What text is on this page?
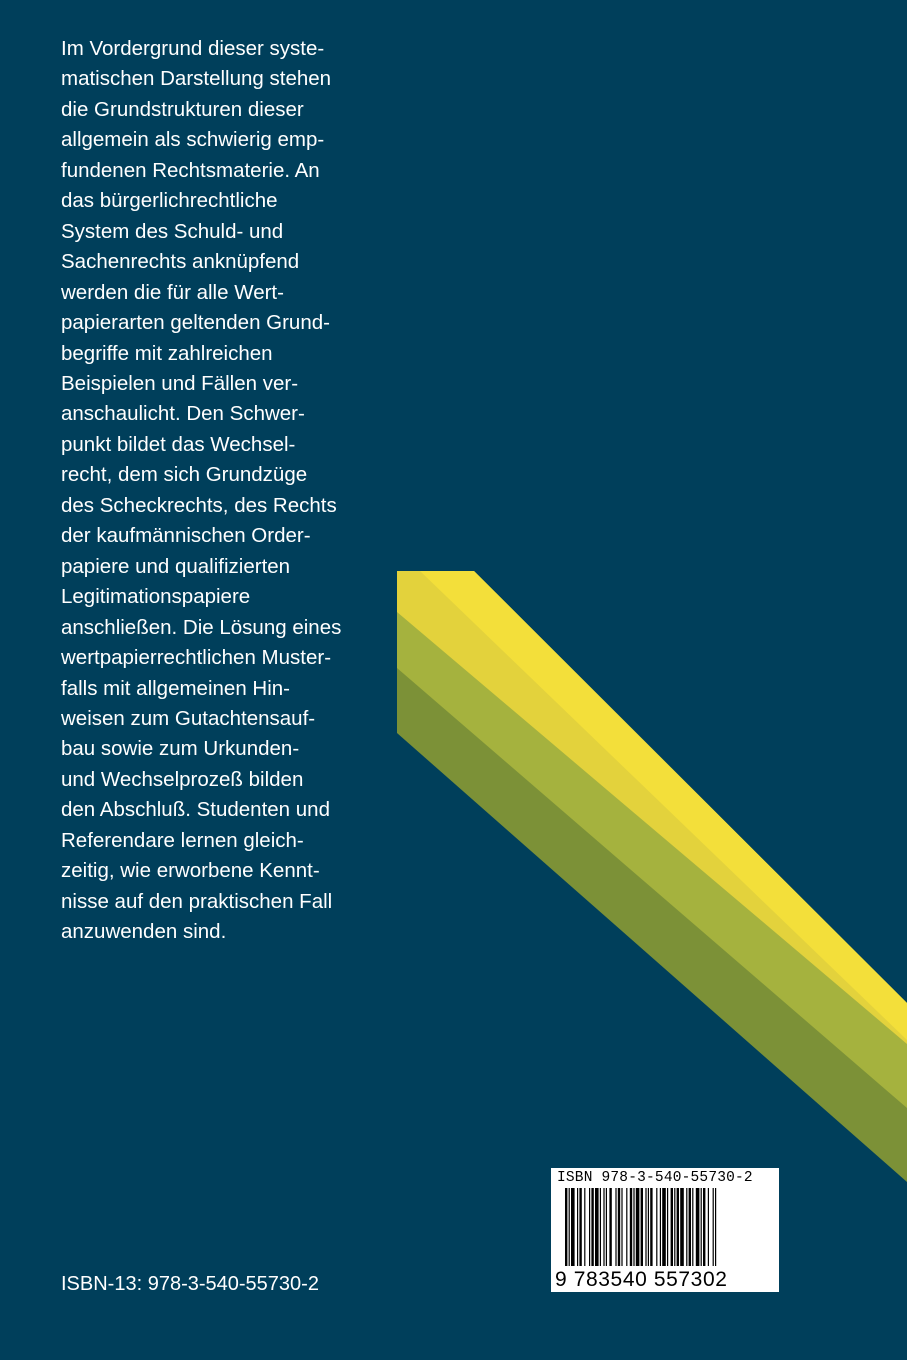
Im Vordergrund dieser syste-
matischen Darstellung stehen
die Grundstrukturen dieser
allgemein als schwierig emp-
fundenen Rechtsmaterie. An
das bürgerlichrechtliche
System des Schuld- und
Sachenrechts anknüpfend
werden die für alle Wert-
papierarten geltenden Grund-
begriffe mit zahlreichen
Beispielen und Fällen ver-
anschaulicht. Den Schwer-
punkt bildet das Wechsel-
recht, dem sich Grundzüge
des Scheckrechts, des Rechts
der kaufmännischen Order-
papiere und qualifizierten
Legitimationspapiere
anschließen. Die Lösung eines
wertpapierrechtlichen Muster-
falls mit allgemeinen Hin-
weisen zum Gutachtensauf-
bau sowie zum Urkunden-
und Wechselprozeß bilden
den Abschluß. Studenten und
Referendare lernen gleich-
zeitig, wie erworbene Kennt-
nisse auf den praktischen Fall
anzuwenden sind.
ISBN 978-3-540-55730-2
9 783540 557302
ISBN-13: 978-3-540-55730-2
